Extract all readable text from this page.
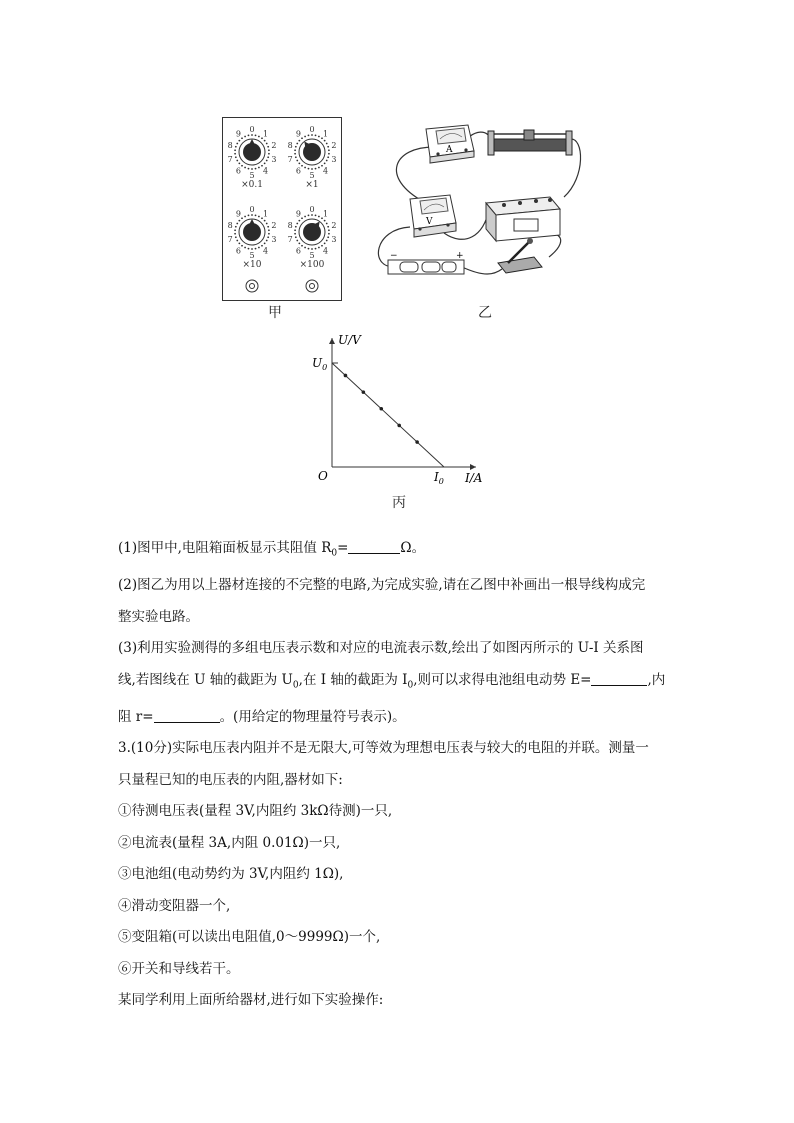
0 1
2
3
4
5
6
7
8
9
×0.1
0 1
2
3
4
5
6
7
8
9
×1
0 1
2
3
4
5
6
7
8
9
×10
0 1
2
3
4
5
6
7
8
9
×100
甲
A
V
−	+
乙
U/V
I/A
O
$U_0$
$I_0$
丙

(1)图甲中,电阻箱面板显示其阻值 $R_0=$	Ω。

(2)图乙为用以上器材连接的不完整的电路,为完成实验,请在乙图中补画出一根导线构成完

整实验电路。

(3)利用实验测得的多组电压表示数和对应的电流表示数,绘出了如图丙所示的 U-I 关系图

线,若图线在 U 轴的截距为 $U_0$,在 I 轴的截距为 $I_0$,则可以求得电池组电动势 E=	,内

阻 r=	。(用给定的物理量符号表示)。

3.(10分)实际电压表内阻并不是无限大,可等效为理想电压表与较大的电阻的并联。测量一

只量程已知的电压表的内阻,器材如下:

①待测电压表(量程 3V,内阻约 3kΩ待测)一只,

②电流表(量程 3A,内阻 0.01Ω)一只,

③电池组(电动势约为 3V,内阻约 1Ω),

④滑动变阻器一个,

⑤变阻箱(可以读出电阻值,0～9999Ω)一个,

⑥开关和导线若干。

某同学利用上面所给器材,进行如下实验操作:
